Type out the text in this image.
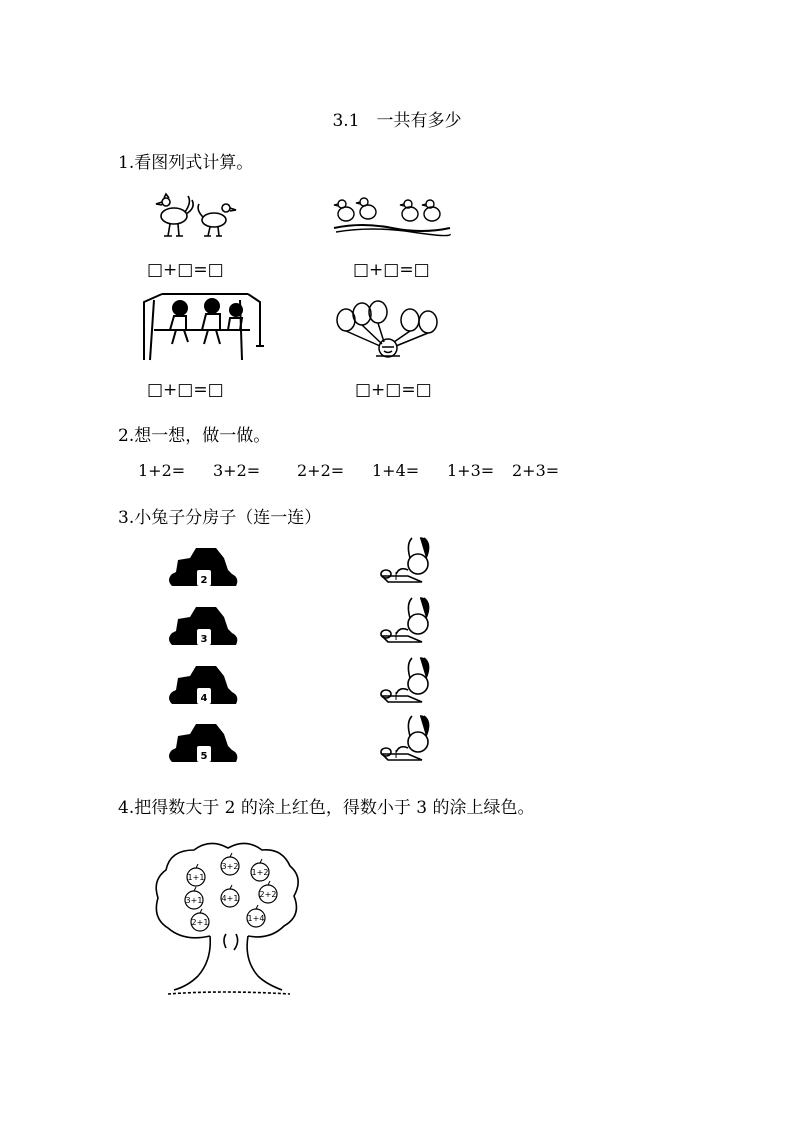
3.1　一共有多少
1.看图列式计算。
□+□=□	□+□=□
□+□=□	□+□=□
2.想一想，做一做。
1+2= 3+2= 2+2= 1+4= 1+3= 2+3=
3.小兔子分房子（连一连）
2
3
4
5
+
+
+
+
4.把得数大于 2 的涂上红色，得数小于 3 的涂上绿色。
1+1
3+2
1+2
3+1 4+1	2+2
2+1	1+4
